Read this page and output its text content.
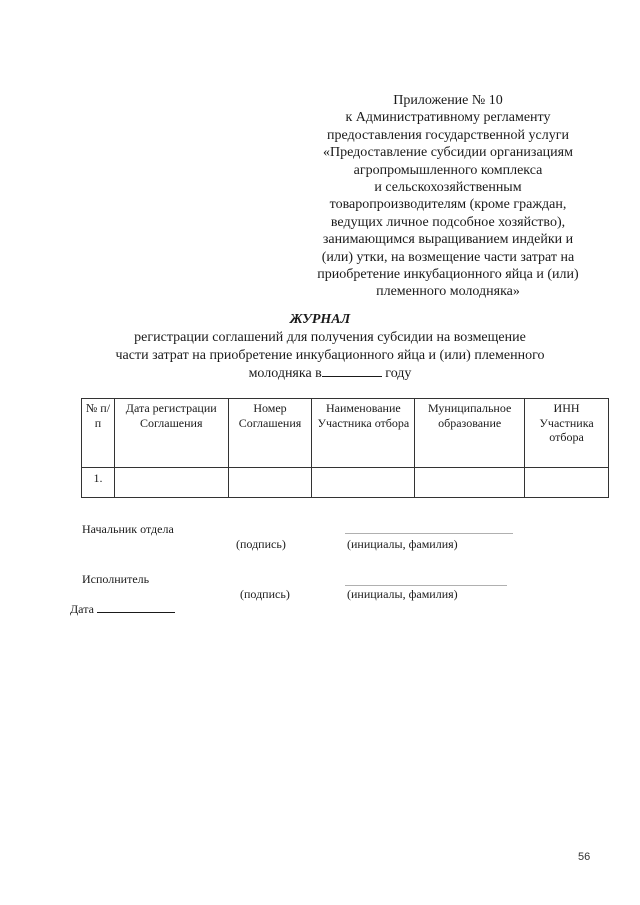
Приложение № 10
к Административному регламенту
предоставления государственной услуги
«Предоставление субсидии организациям
агропромышленного комплекса
и сельскохозяйственным
товаропроизводителям (кроме граждан,
ведущих личное подсобное хозяйство),
занимающимся выращиванием индейки и
(или) утки, на возмещение части затрат на
приобретение инкубационного яйца и (или)
племенного молодняка»
ЖУРНАЛ
регистрации соглашений для получения субсидии на возмещение
части затрат на приобретение инкубационного яйца и (или) племенного
молодняка в	году
№ п/п	Дата регистрации Соглашения	Номер Соглашения	Наименование Участника отбора	Муниципальное образование	ИНН Участника отбора
1.					
Начальник отдела
(подпись)	(инициалы, фамилия)
Исполнитель
(подпись)	(инициалы, фамилия)
Дата
56
